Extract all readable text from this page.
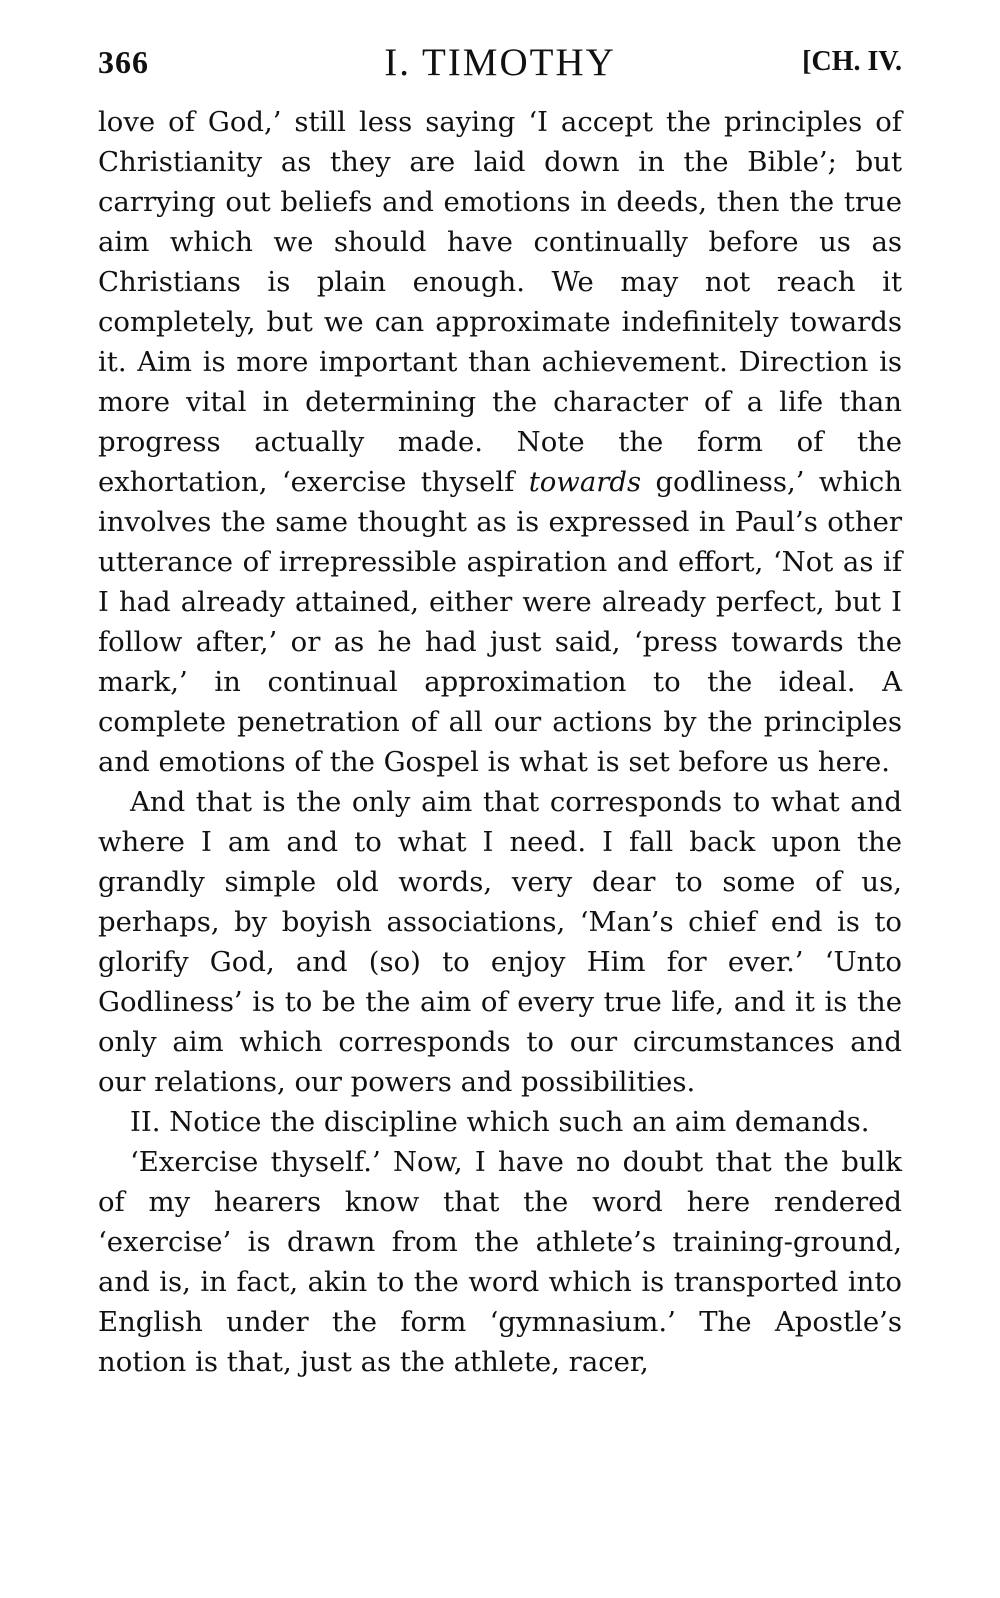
366	I. TIMOTHY	[CH. IV.

love of God,’ still less saying ‘I accept the principles of Christianity as they are laid down in the Bible’; but carrying out beliefs and emotions in deeds, then the true aim which we should have continually before us as Christians is plain enough. We may not reach it completely, but we can approximate indefinitely towards it. Aim is more important than achievement. Direction is more vital in determining the character of a life than progress actually made. Note the form of the exhortation, ‘exercise thyself towards godliness,’ which involves the same thought as is expressed in Paul’s other utterance of irrepressible aspiration and effort, ‘Not as if I had already attained, either were already perfect, but I follow after,’ or as he had just said, ‘press towards the mark,’ in continual approximation to the ideal. A complete penetration of all our actions by the principles and emotions of the Gospel is what is set before us here.

And that is the only aim that corresponds to what and where I am and to what I need. I fall back upon the grandly simple old words, very dear to some of us, perhaps, by boyish associations, ‘Man’s chief end is to glorify God, and (so) to enjoy Him for ever.’ ‘Unto Godliness’ is to be the aim of every true life, and it is the only aim which corresponds to our circumstances and our relations, our powers and possibilities.

II. Notice the discipline which such an aim demands.

‘Exercise thyself.’ Now, I have no doubt that the bulk of my hearers know that the word here rendered ‘exercise’ is drawn from the athlete’s training-ground, and is, in fact, akin to the word which is transported into English under the form ‘gymnasium.’ The Apostle’s notion is that, just as the athlete, racer,
